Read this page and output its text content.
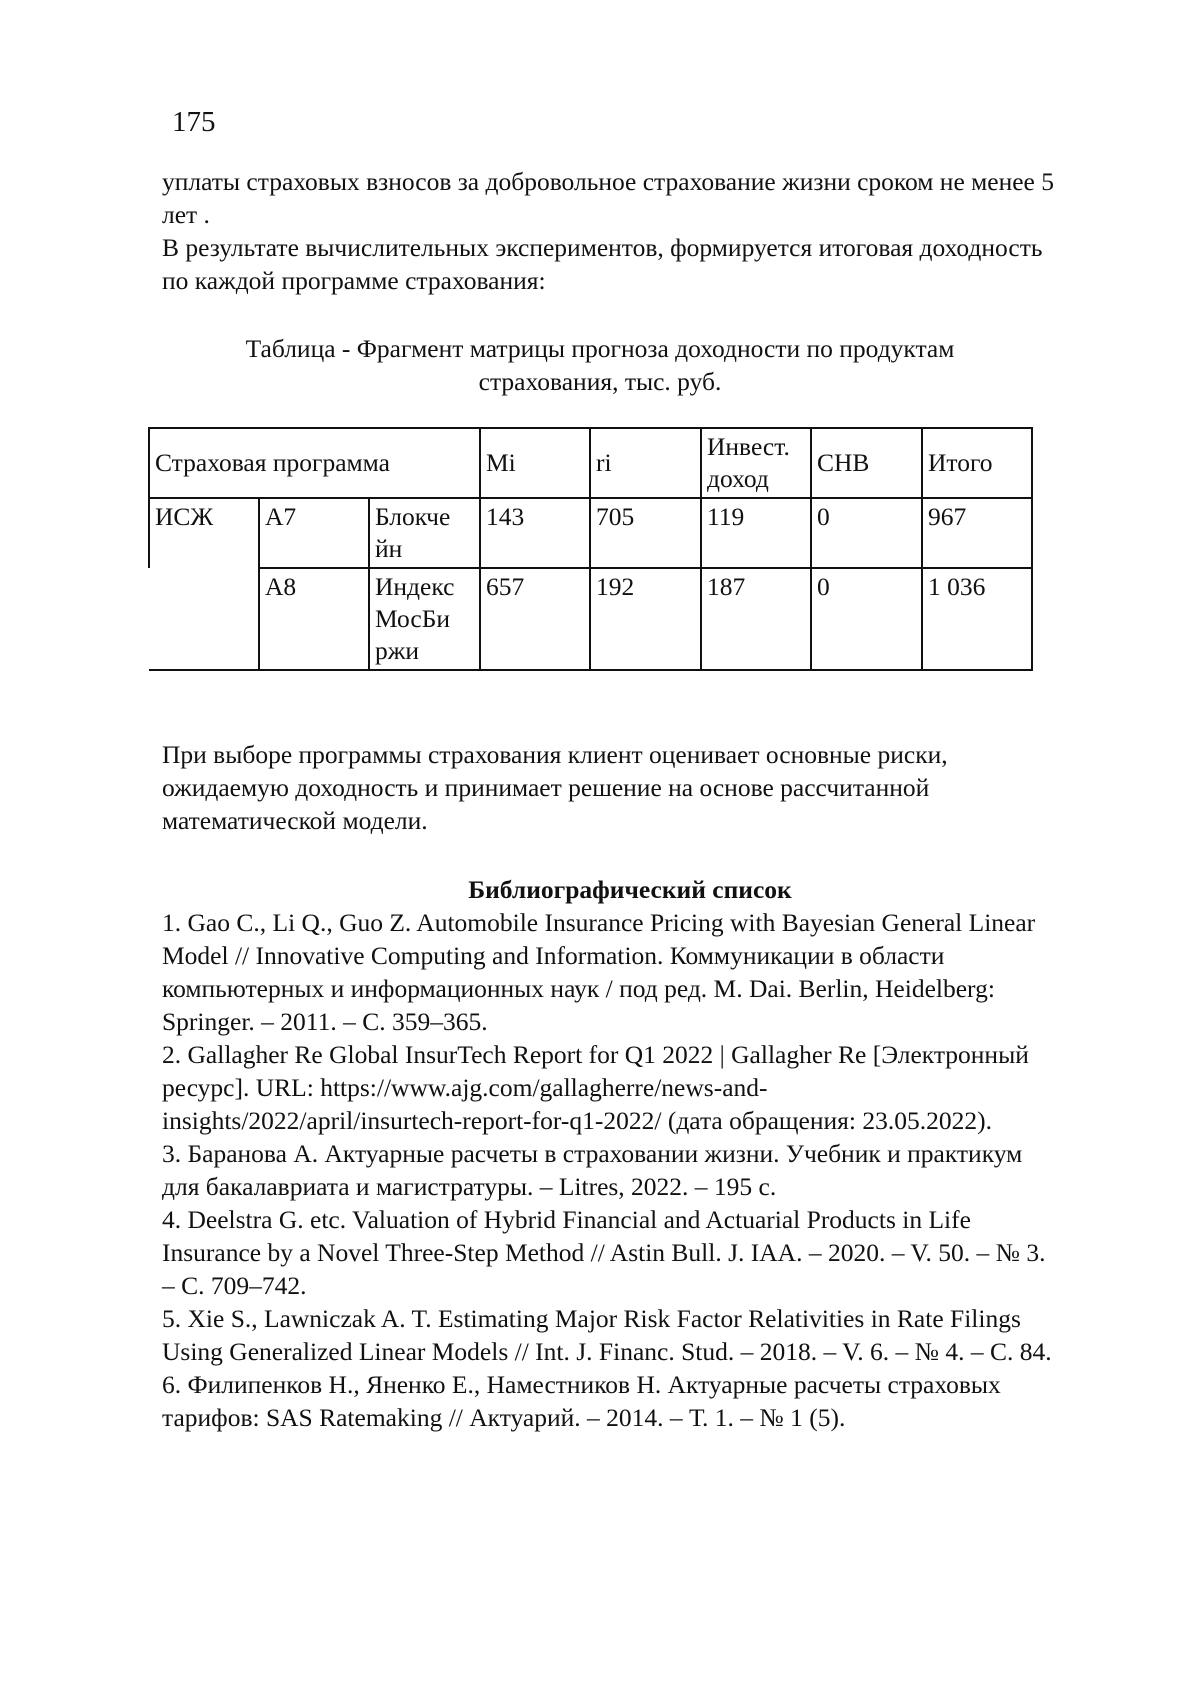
175

уплаты страховых взносов за добровольное страхование жизни сроком не менее 5 лет .

В результате вычислительных экспериментов, формируется итоговая доходность по каждой программе страхования:

Таблица - Фрагмент матрицы прогноза доходности по продуктам
страхования, тыс. руб.
Страховая программа			Mi	ri	Инвест. доход	СНВ	Итого
ИСЖ	А7	Блокче йн	143	705	119	0	967
	А8	Индекс МосБи ржи	657	192	187	0	1 036

При выборе программы страхования клиент оценивает основные риски, ожидаемую доходность и принимает решение на основе рассчитанной математической модели.

Библиографический список

1. Gao C., Li Q., Guo Z. Automobile Insurance Pricing with Bayesian General Linear Model // Innovative Computing and Information. Коммуникации в области компьютерных и информационных наук / под ред. M. Dai. Berlin, Heidelberg: Springer. – 2011. – С. 359–365.

2. Gallagher Re Global InsurTech Report for Q1 2022 | Gallagher Re [Электронный ресурс]. URL: https://www.ajg.com/gallagherre/news-and-insights/2022/april/insurtech-report-for-q1-2022/ (дата обращения: 23.05.2022).

3. Баранова А. Актуарные расчеты в страховании жизни. Учебник и практикум для бакалавриата и магистратуры. – Litres, 2022. – 195 с.

4. Deelstra G. etc. Valuation of Hybrid Financial and Actuarial Products in Life Insurance by a Novel Three-Step Method // Astin Bull. J. IAA. – 2020. – V. 50. – № 3. – С. 709–742.

5. Xie S., Lawniczak A. T. Estimating Major Risk Factor Relativities in Rate Filings Using Generalized Linear Models // Int. J. Financ. Stud. – 2018. – V. 6. – № 4. – С. 84.

6. Филипенков Н., Яненко Е., Наместников Н. Актуарные расчеты страховых тарифов: SAS Ratemaking // Актуарий. – 2014. – Т. 1. – № 1 (5).
